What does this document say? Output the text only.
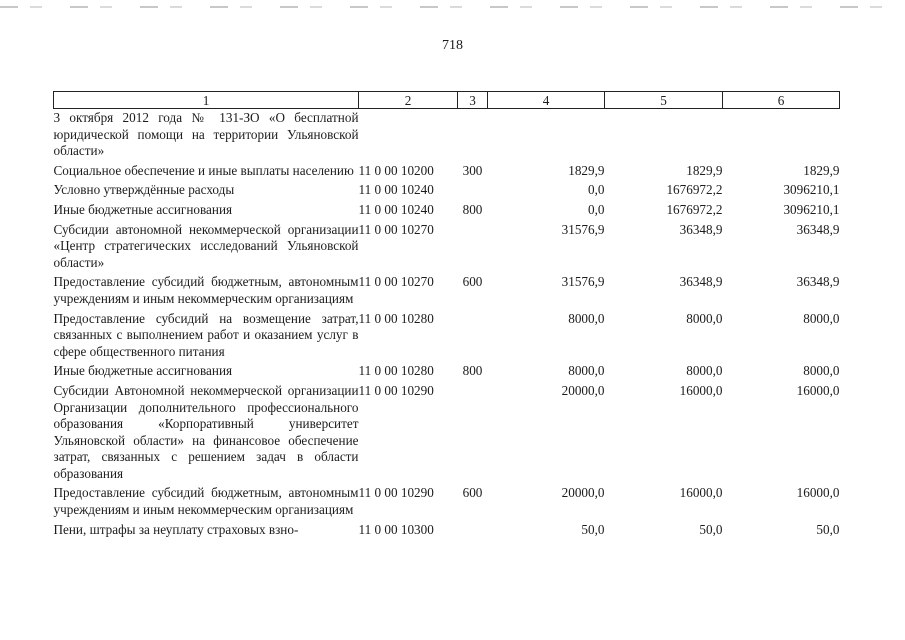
718
1	2	3	4	5	6
3 октября 2012 года № 131-ЗО «О бесплатной юридической помощи на территории Ульяновской области»					
Социальное обеспечение и иные выплаты населению	11 0 00 10200	300	1829,9	1829,9	1829,9
Условно утверждённые расходы	11 0 00 10240		0,0	1676972,2	3096210,1
Иные бюджетные ассигнования	11 0 00 10240	800	0,0	1676972,2	3096210,1
Субсидии автономной некоммерческой организации «Центр стратегических исследований Ульяновской области»	11 0 00 10270		31576,9	36348,9	36348,9
Предоставление субсидий бюджетным, автономным учреждениям и иным некоммерческим организациям	11 0 00 10270	600	31576,9	36348,9	36348,9
Предоставление субсидий на возмещение затрат, связанных с выполнением работ и оказанием услуг в сфере общественного питания	11 0 00 10280		8000,0	8000,0	8000,0
Иные бюджетные ассигнования	11 0 00 10280	800	8000,0	8000,0	8000,0
Субсидии Автономной некоммерческой организации Организации дополнительного профессионального образования «Корпоративный университет Ульяновской области» на финансовое обеспечение затрат, связанных с решением задач в области образования	11 0 00 10290		20000,0	16000,0	16000,0
Предоставление субсидий бюджетным, автономным учреждениям и иным некоммерческим организациям	11 0 00 10290	600	20000,0	16000,0	16000,0
Пени, штрафы за неуплату страховых взно-	11 0 00 10300		50,0	50,0	50,0
